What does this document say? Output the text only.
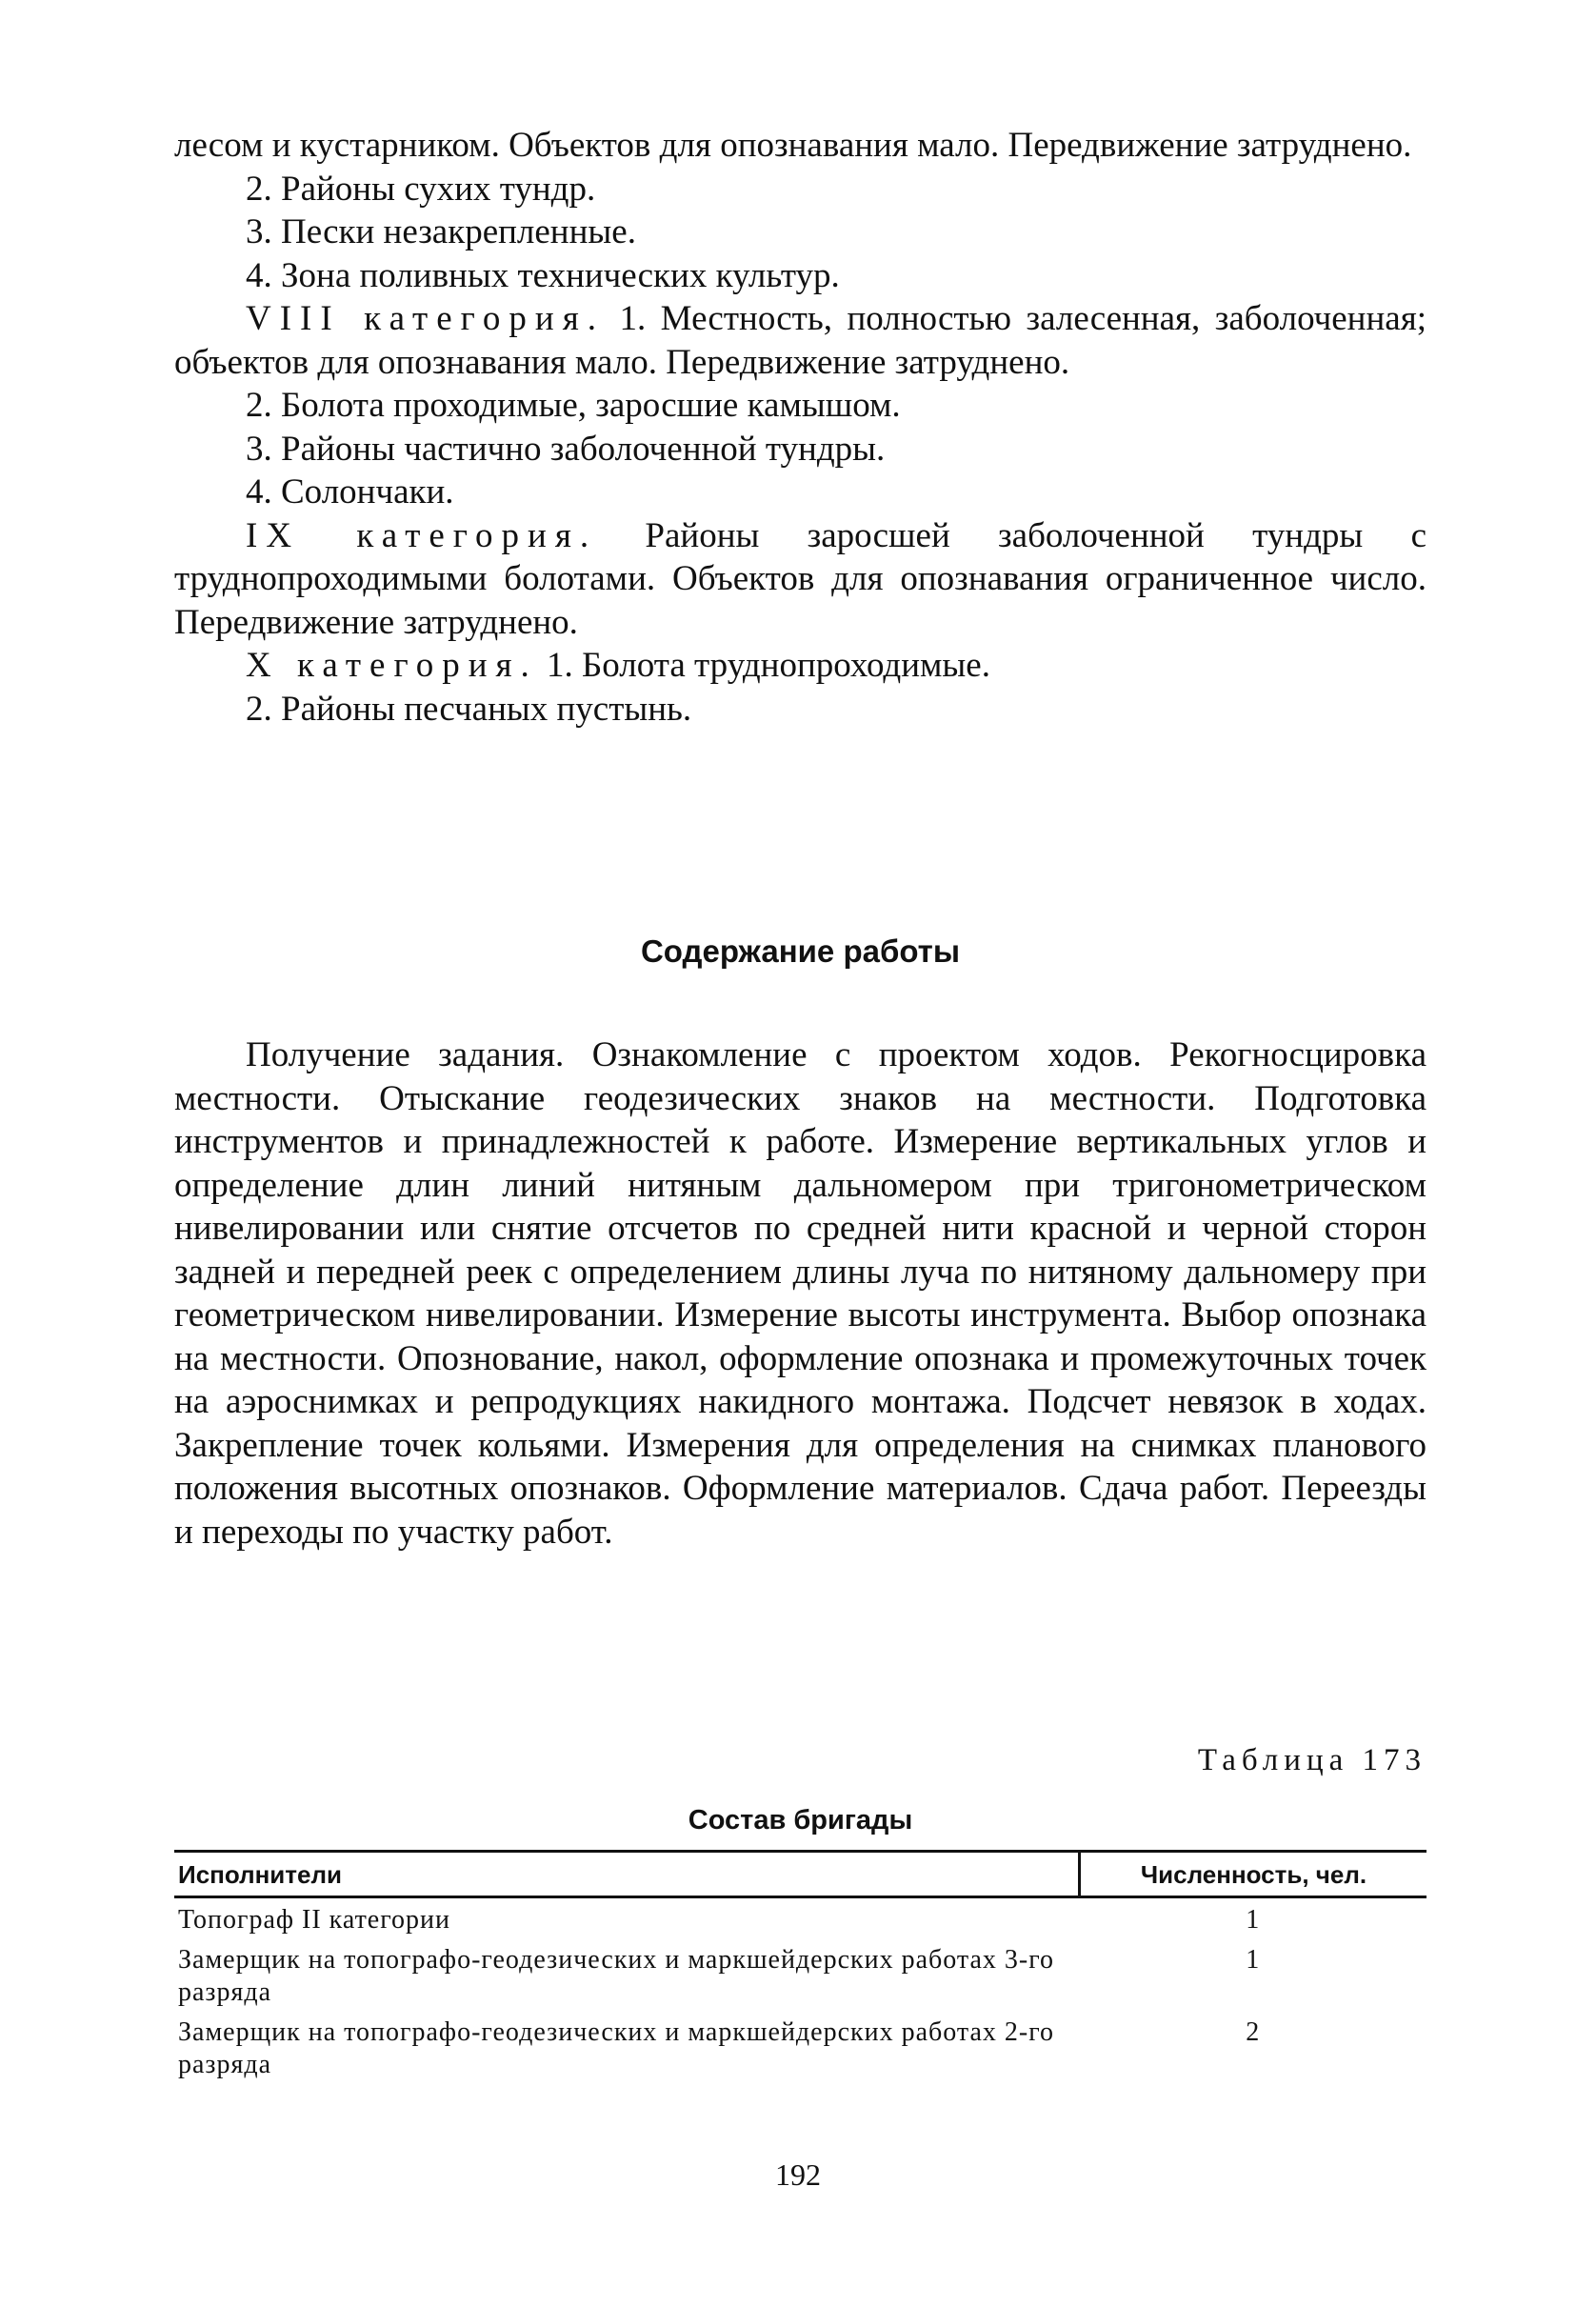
лесом и кустарником. Объектов для опознавания мало. Передвижение затруднено.

2. Районы сухих тундр.

3. Пески незакрепленные.

4. Зона поливных технических культур.

VIII категория. 1. Местность, полностью залесенная, заболоченная; объектов для опознавания мало. Передвижение затруднено.

2. Болота проходимые, заросшие камышом.

3. Районы частично заболоченной тундры.

4. Солончаки.

IX категория. Районы заросшей заболоченной тундры с труднопроходимыми болотами. Объектов для опознавания ограниченное число. Передвижение затруднено.

X категория. 1. Болота труднопроходимые.

2. Районы песчаных пустынь.

Содержание работы

Получение задания. Ознакомление с проектом ходов. Рекогносцировка местности. Отыскание геодезических знаков на местности. Подготовка инструментов и принадлежностей к работе. Измерение вертикальных углов и определение длин линий нитяным дальномером при тригонометрическом нивелировании или снятие отсчетов по средней нити красной и черной сторон задней и передней реек с определением длины луча по нитяному дальномеру при геометрическом нивелировании. Измерение высоты инструмента. Выбор опознака на местности. Опознование, накол, оформление опознака и промежуточных точек на аэроснимках и репродукциях накидного монтажа. Подсчет невязок в ходах. Закрепление точек кольями. Измерения для определения на снимках планового положения высотных опознаков. Оформление материалов. Сдача работ. Переезды и переходы по участку работ.

Таблица 173
Состав бригады
Исполнители	Численность, чел.
Топограф II категории	1
Замерщик на топографо-геодезических и маркшейдерских работах 3-го разряда	1
Замерщик на топографо-геодезических и маркшейдерских работах 2-го разряда	2
192
